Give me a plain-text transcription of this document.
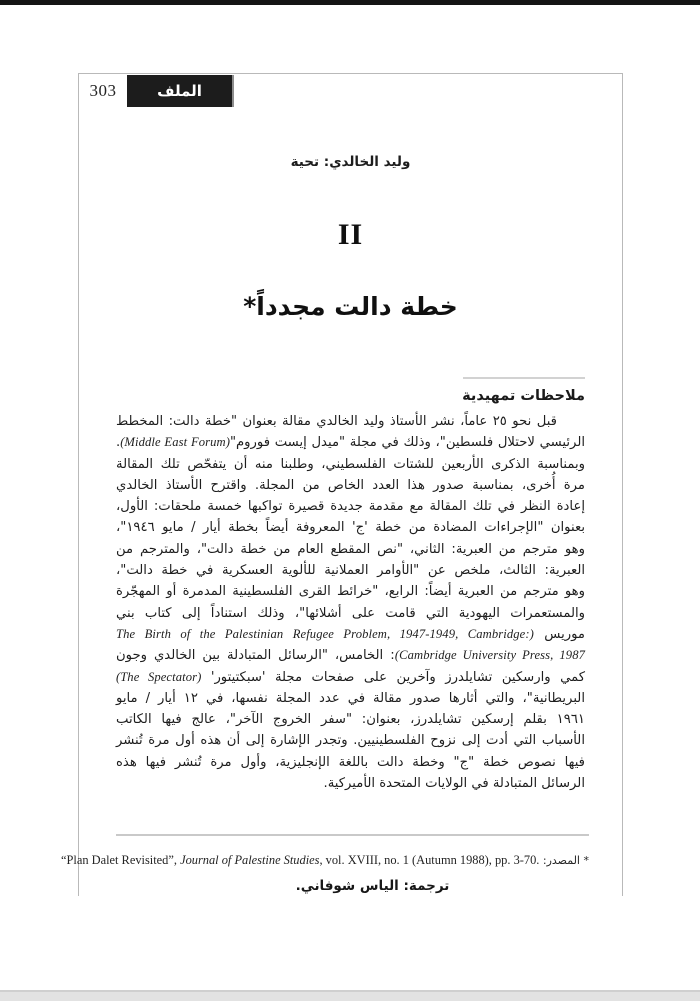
303	الملف
وليد الخالدي: تحية
II
خطة دالت مجدداً*
ملاحظات تمهيدية
قبل نحو ٢٥ عاماً، نشر الأستاذ وليد الخالدي مقالة بعنوان "خطة دالت: المخطط
الرئيسي لاحتلال فلسطين"، وذلك في مجلة "ميدل إيست فوروم"(Middle East Forum).
وبمناسبة الذكرى الأربعين للشتات الفلسطيني، وطلبنا منه أن يتفحّص تلك المقالة
مرة أُخرى، بمناسبة صدور هذا العدد الخاص من المجلة. واقترح الأستاذ الخالدي
إعادة النظر في تلك المقالة مع مقدمة جديدة قصيرة تواكبها خمسة ملحقات: الأول،
بعنوان "الإجراءات المضادة من خطة 'ج' المعروفة أيضاً بخطة أيار / مايو ١٩٤٦"،
وهو مترجم من العبرية: الثاني، "نص المقطع العام من خطة دالت"، والمترجم من
العبرية: الثالث، ملخص عن "الأوامر العملانية للألوية العسكرية في خطة دالت"،
وهو مترجم من العبرية أيضاً: الرابع، "خرائط القرى الفلسطينية المدمرة أو المهجّرة
والمستعمرات اليهودية التي قامت على أشلائها"، وذلك استناداً إلى كتاب بني
موريس The Birth of the Palestinian Refugee Problem, 1947-1949, Cambridge:)
(Cambridge University Press, 1987: الخامس، "الرسائل المتبادلة بين الخالدي وجون
كمي وارسكين تشايلدرز وآخرين على صفحات مجلة 'سبكتيتور' (The Spectator)
البريطانية"، والتي أثارها صدور مقالة في عدد المجلة نفسها، في ١٢ أيار / مايو
١٩٦١ بقلم إرسكين تشايلدرز، بعنوان: "سفر الخروج الآخر"، عالج فيها الكاتب
الأسباب التي أدت إلى نزوح الفلسطينيين. وتجدر الإشارة إلى أن هذه أول مرة تُنشر
فيها نصوص خطة "ج" وخطة دالت باللغة الإنجليزية، وأول مرة تُنشر فيها هذه
الرسائل المتبادلة في الولايات المتحدة الأميركية.
* المصدر: “Plan Dalet Revisited”, Journal of Palestine Studies, vol. XVIII, no. 1 (Autumn 1988), pp. 3-70.
ترجمة: الياس شوفاني.
